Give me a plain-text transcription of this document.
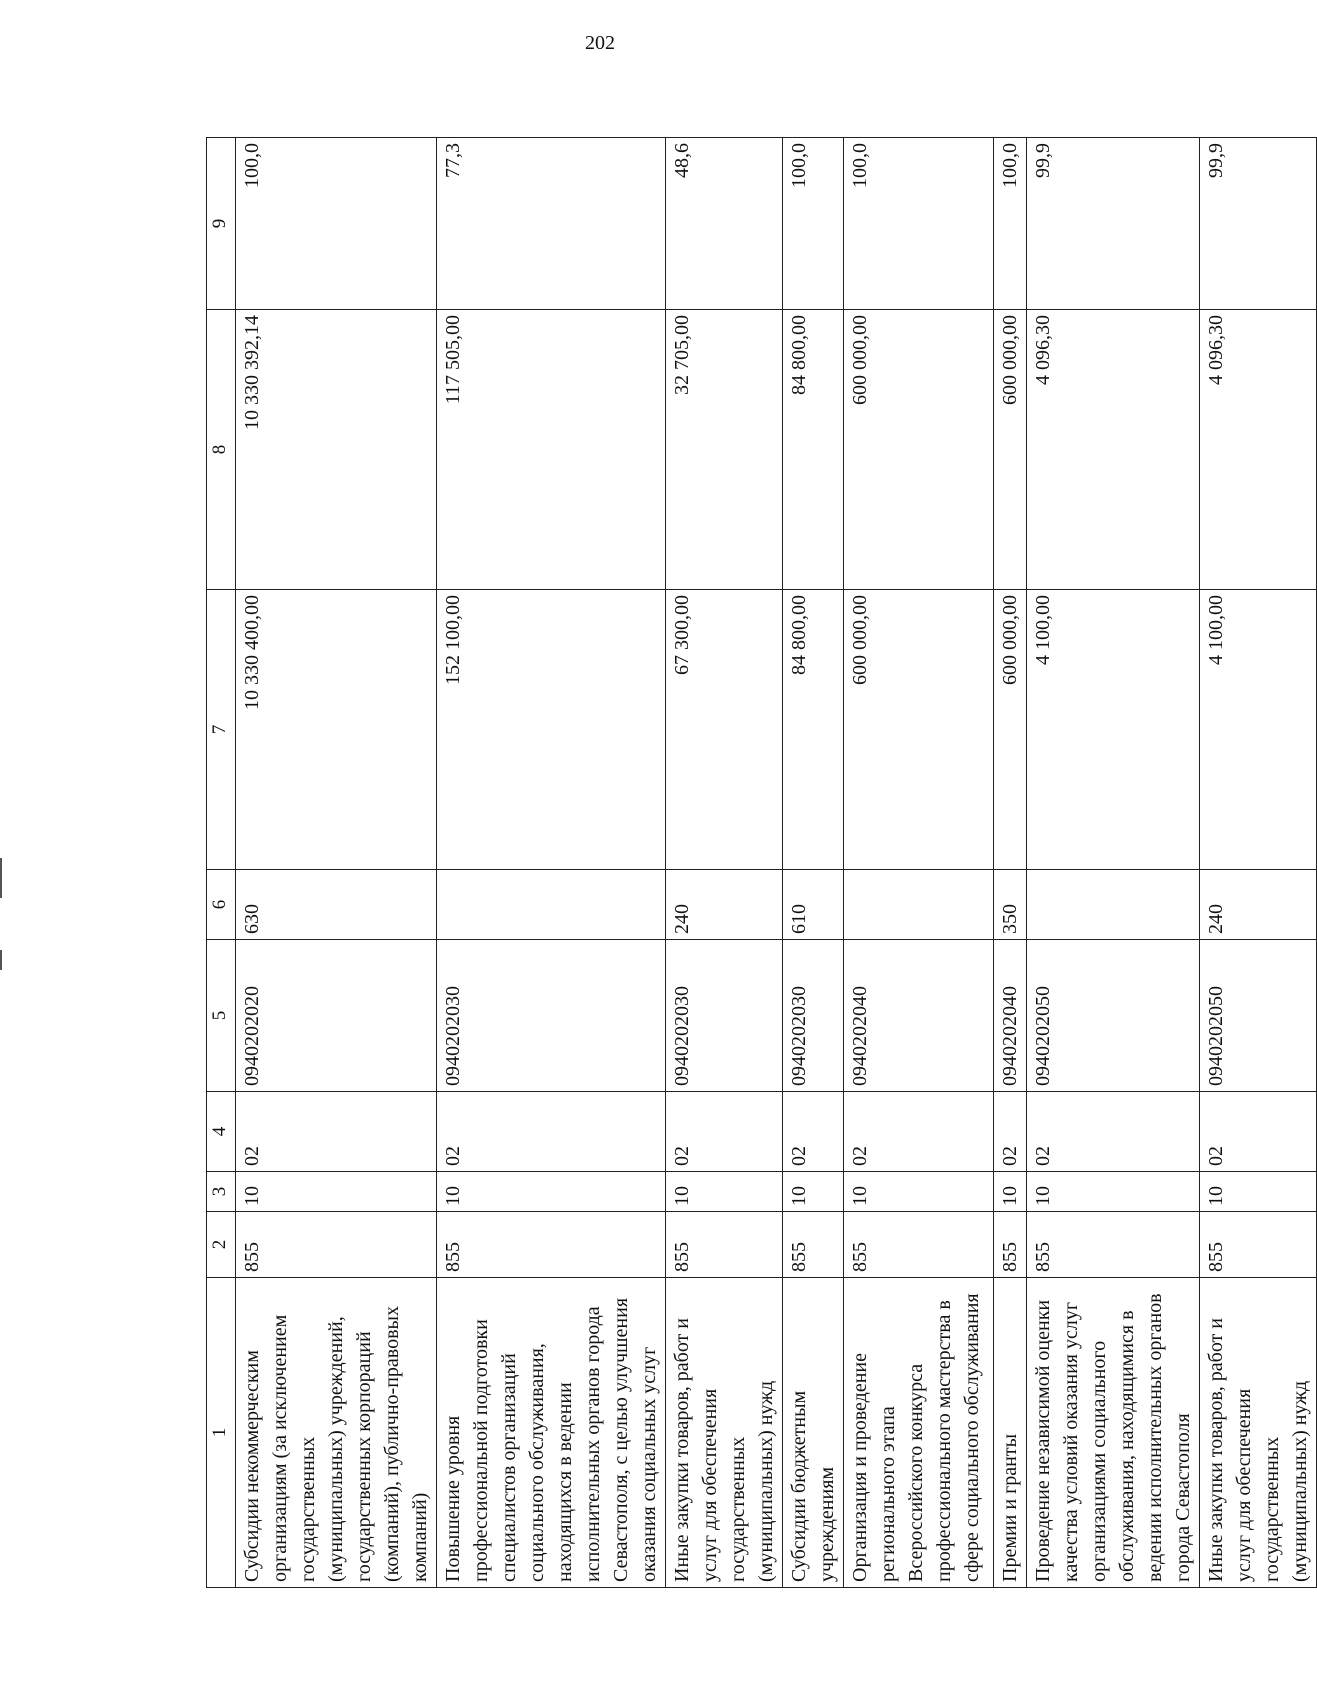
202
1	2	3	4	5	6	7	8	9
Субсидии некоммерческим организациям (за исключением государственных (муниципальных) учреждений, государственных корпораций (компаний), публично-правовых компаний)	855	10	02	0940202020	630	10 330 400,00	10 330 392,14	100,0
Повышение уровня профессиональной подготовки специалистов организаций социального обслуживания, находящихся в ведении исполнительных органов города Севастополя, с целью улучшения оказания социальных услуг	855	10	02	0940202030		152 100,00	117 505,00	77,3
Иные закупки товаров, работ и услуг для обеспечения государственных (муниципальных) нужд	855	10	02	0940202030	240	67 300,00	32 705,00	48,6
Субсидии бюджетным учреждениям	855	10	02	0940202030	610	84 800,00	84 800,00	100,0
Организация и проведение регионального этапа Всероссийского конкурса профессионального мастерства в сфере социального обслуживания	855	10	02	0940202040		600 000,00	600 000,00	100,0
Премии и гранты	855	10	02	0940202040	350	600 000,00	600 000,00	100,0
Проведение независимой оценки качества условий оказания услуг организациями социального обслуживания, находящимися в ведении исполнительных органов города Севастополя	855	10	02	0940202050		4 100,00	4 096,30	99,9
Иные закупки товаров, работ и услуг для обеспечения государственных (муниципальных) нужд	855	10	02	0940202050	240	4 100,00	4 096,30	99,9
